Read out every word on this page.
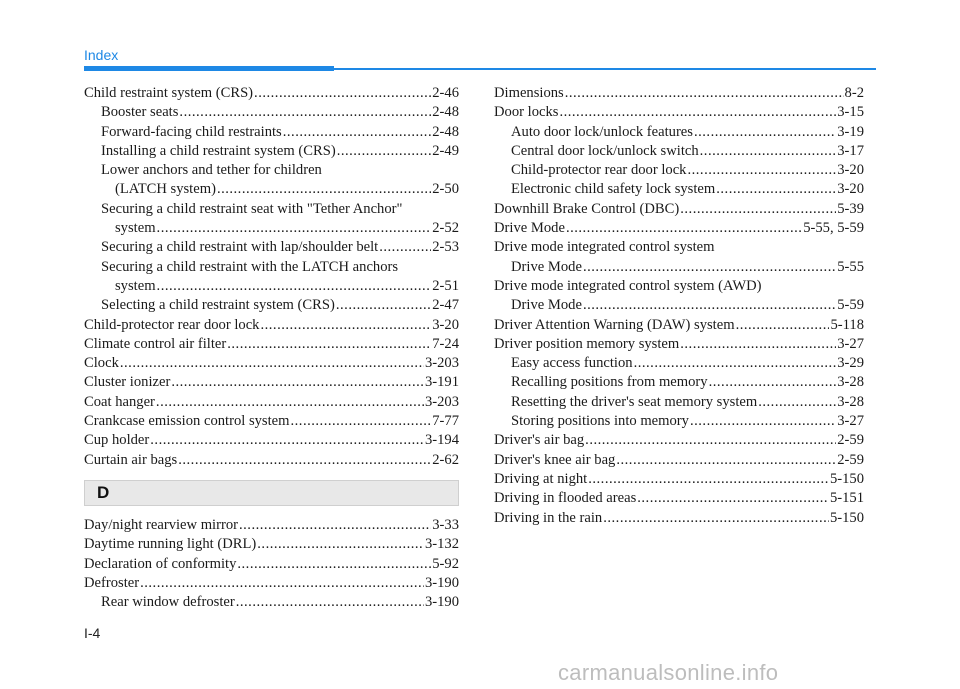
Index
Child restraint system (CRS) .....	2-46
Booster seats .....	2-48
Forward-facing child restraints .....	2-48
Installing a child restraint system (CRS) .....	2-49
Lower anchors and tether for children
(LATCH system) .....	2-50
Securing a child restraint seat with "Tether Anchor"
system .....	2-52
Securing a child restraint with lap/shoulder belt .....	2-53
Securing a child restraint with the LATCH anchors
system .....	2-51
Selecting a child restraint system (CRS) .....	2-47
Child-protector rear door lock .....	3-20
Climate control air filter .....	7-24
Clock .....	3-203
Cluster ionizer .....	3-191
Coat hanger .....	3-203
Crankcase emission control system .....	7-77
Cup holder .....	3-194
Curtain air bags .....	2-62
D
Day/night rearview mirror .....	3-33
Daytime running light (DRL) .....	3-132
Declaration of conformity .....	5-92
Defroster .....	3-190
Rear window defroster .....	3-190
Dimensions .....	8-2
Door locks .....	3-15
Auto door lock/unlock features .....	3-19
Central door lock/unlock switch .....	3-17
Child-protector rear door lock .....	3-20
Electronic child safety lock system .....	3-20
Downhill Brake Control (DBC) .....	5-39
Drive Mode .....	5-55, 5-59
Drive mode integrated control system
Drive Mode .....	5-55
Drive mode integrated control system (AWD)
Drive Mode .....	5-59
Driver Attention Warning (DAW) system .....	5-118
Driver position memory system .....	3-27
Easy access function .....	3-29
Recalling positions from memory .....	3-28
Resetting the driver's seat memory system .....	3-28
Storing positions into memory .....	3-27
Driver's air bag .....	2-59
Driver's knee air bag .....	2-59
Driving at night .....	5-150
Driving in flooded areas .....	5-151
Driving in the rain .....	5-150
I-4
carmanualsonline.info
